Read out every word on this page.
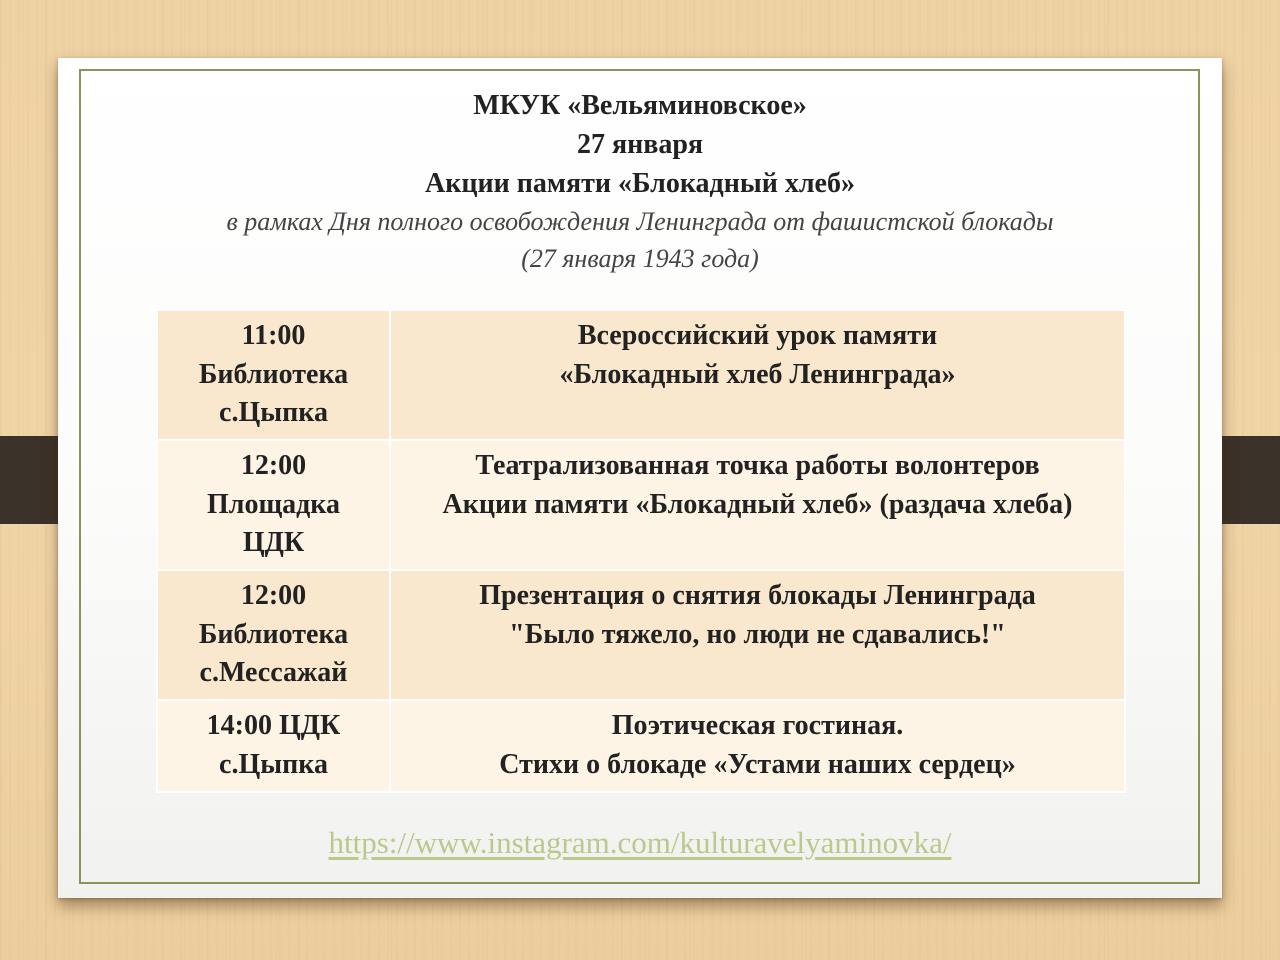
МКУК «Вельяминовское»
27 января
Акции памяти «Блокадный хлеб»
в рамках Дня полного освобождения Ленинграда от фашистской блокады
(27 января 1943 года)
11:00
Библиотека
с.Цыпка	Всероссийский урок памяти
«Блокадный хлеб Ленинграда»

12:00
Площадка
ЦДК	Театрализованная точка работы волонтеров
Акции памяти «Блокадный хлеб» (раздача хлеба)

12:00
Библиотека
с.Мессажай	Презентация о снятия блокады Ленинграда
"Было тяжело, но люди не сдавались!"

14:00 ЦДК
с.Цыпка	Поэтическая гостиная.
Стихи о блокаде «Устами наших сердец»
https://www.instagram.com/kulturavelyaminovka/
